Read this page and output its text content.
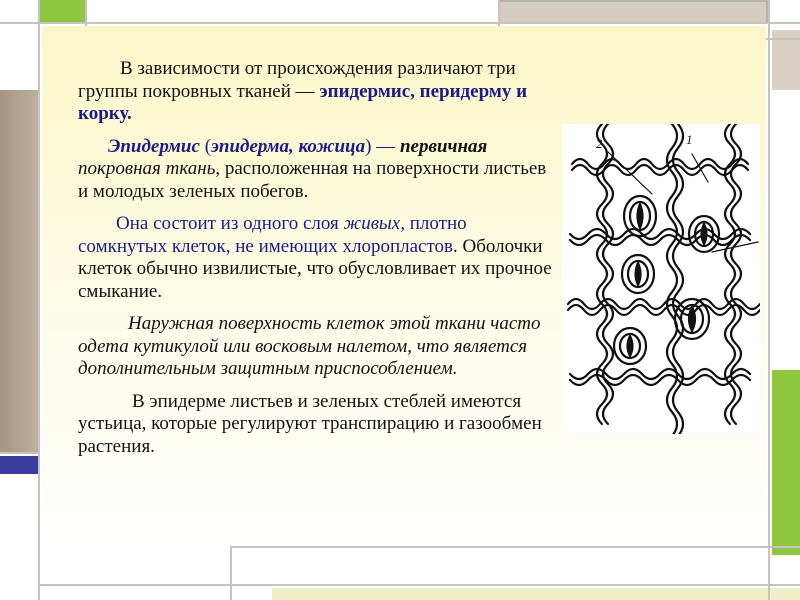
В зависимости от происхождения различают три группы покровных тканей — эпидермис, перидерму и корку.

Эпидермис (эпидерма, кожица) — первичная покровная ткань, расположенная на поверхности листьев и молодых зеленых побегов.

Она состоит из одного слоя живых, плотно сомкнутых клеток, не имеющих хлоропластов. Оболочки клеток обычно извилистые, что обусловливает их прочное смыкание.

Наружная поверхность клеток этой ткани часто одета кутикулой или восковым налетом, что является дополнительным защитным приспособлением.

В эпидерме листьев и зеленых стеблей имеются устьица, которые регулируют транспирацию и газообмен растения.

2	1
